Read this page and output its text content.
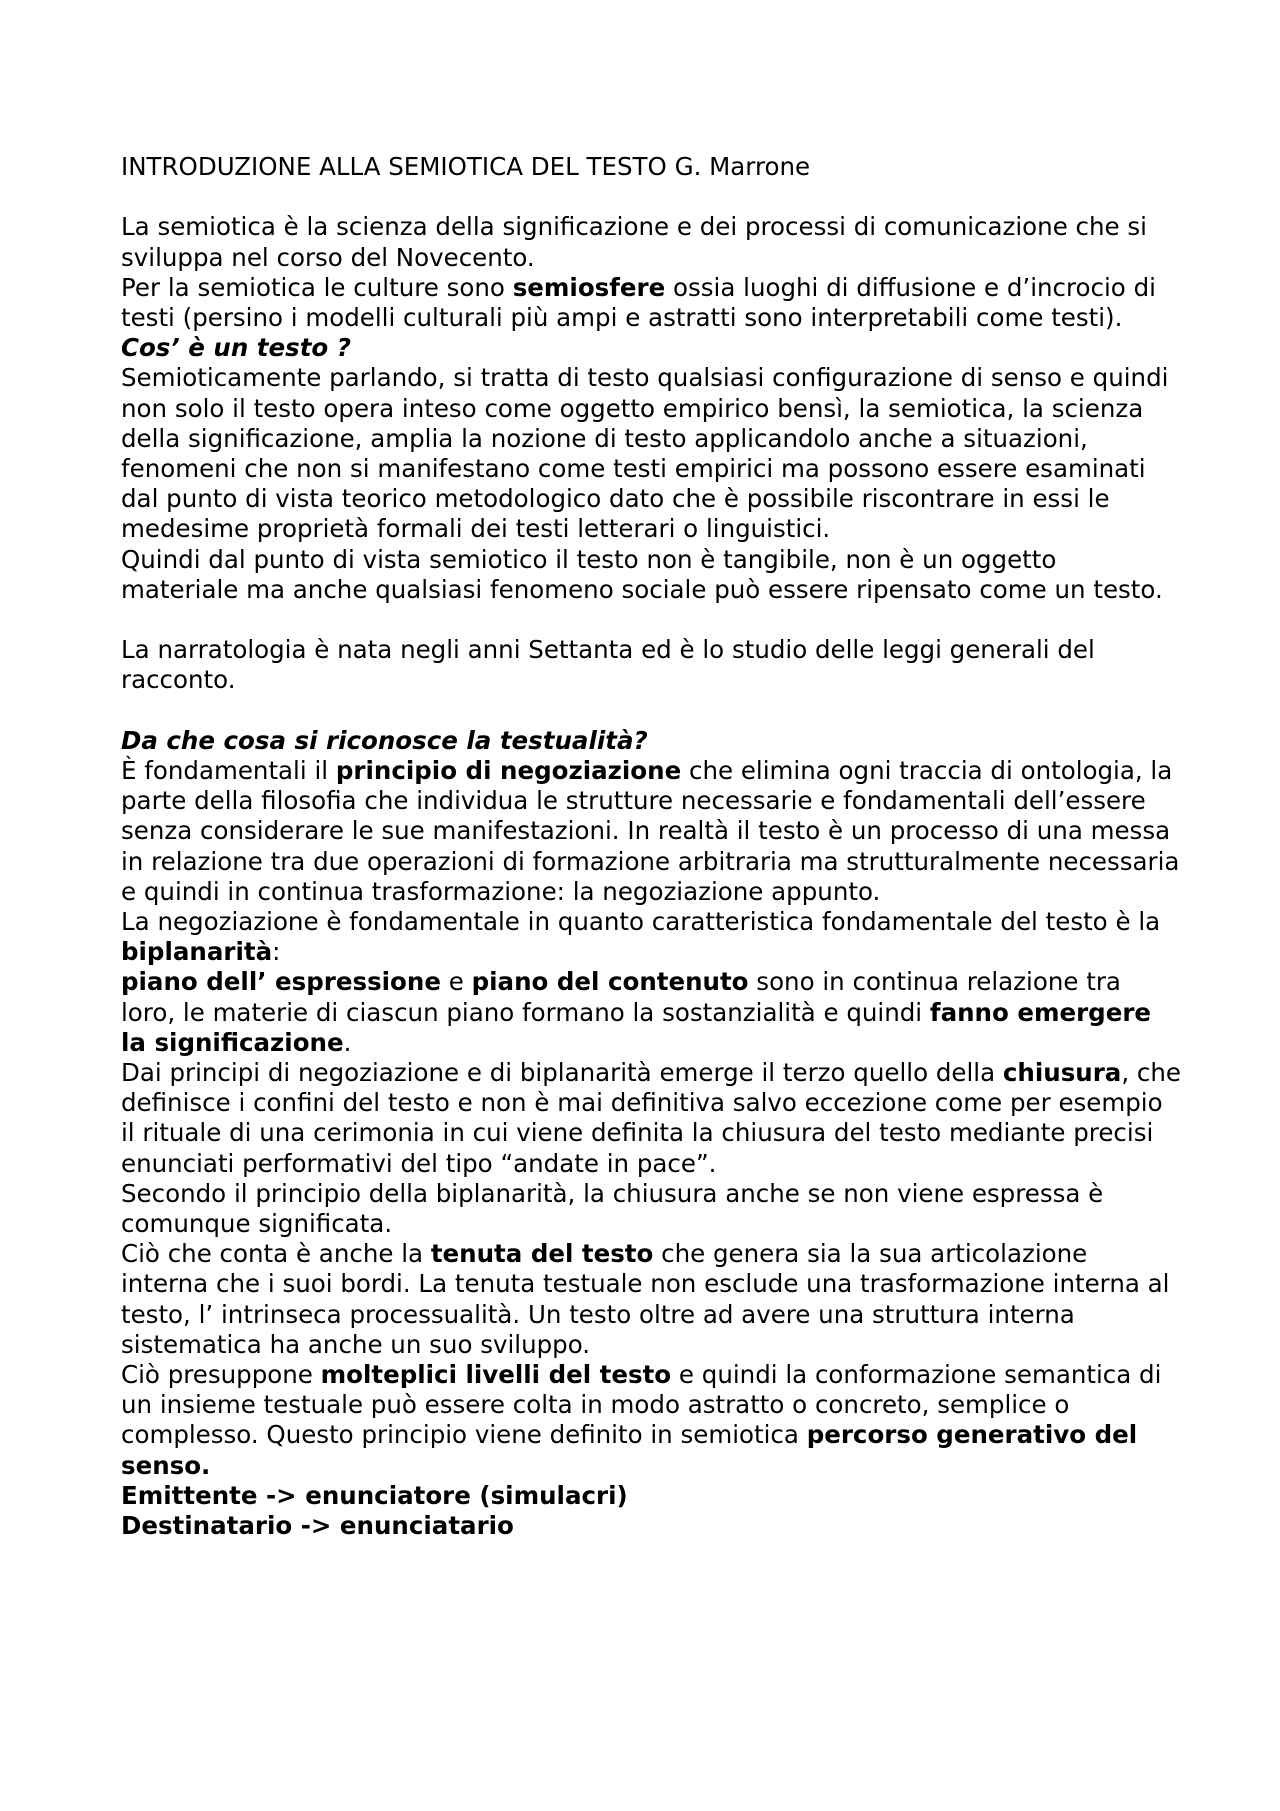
INTRODUZIONE ALLA SEMIOTICA DEL TESTO G. Marrone

La semiotica è la scienza della significazione e dei processi di comunicazione che si sviluppa nel corso del Novecento.

Per la semiotica le culture sono semiosfere ossia luoghi di diffusione e d’incrocio di testi (persino i modelli culturali più ampi e astratti sono interpretabili come testi).

Cos’ è un testo ?

Semioticamente parlando, si tratta di testo qualsiasi configurazione di senso e quindi non solo il testo opera inteso come oggetto empirico bensì, la semiotica, la scienza della significazione, amplia la nozione di testo applicandolo anche a situazioni, fenomeni che non si manifestano come testi empirici ma possono essere esaminati dal punto di vista teorico metodologico dato che è possibile riscontrare in essi le medesime proprietà formali dei testi letterari o linguistici.

Quindi dal punto di vista semiotico il testo non è tangibile, non è un oggetto materiale ma anche qualsiasi fenomeno sociale può essere ripensato come un testo.

La narratologia è nata negli anni Settanta ed è lo studio delle leggi generali del racconto.

Da che cosa si riconosce la testualità?

È fondamentali il principio di negoziazione che elimina ogni traccia di ontologia, la parte della filosofia che individua le strutture necessarie e fondamentali dell’essere senza considerare le sue manifestazioni. In realtà il testo è un processo di una messa in relazione tra due operazioni di formazione arbitraria ma strutturalmente necessaria e quindi in continua trasformazione: la negoziazione appunto.

La negoziazione è fondamentale in quanto caratteristica fondamentale del testo è la biplanarità:

piano dell’ espressione e piano del contenuto sono in continua relazione tra loro, le materie di ciascun piano formano la sostanzialità e quindi fanno emergere la significazione.

Dai principi di negoziazione e di biplanarità emerge il terzo quello della chiusura, che definisce i confini del testo e non è mai definitiva salvo eccezione come per esempio il rituale di una cerimonia in cui viene definita la chiusura del testo mediante precisi enunciati performativi del tipo “andate in pace”.

Secondo il principio della biplanarità, la chiusura anche se non viene espressa è comunque significata.

Ciò che conta è anche la tenuta del testo che genera sia la sua articolazione interna che i suoi bordi. La tenuta testuale non esclude una trasformazione interna al testo, l’ intrinseca processualità. Un testo oltre ad avere una struttura interna sistematica ha anche un suo sviluppo.

Ciò presuppone molteplici livelli del testo e quindi la conformazione semantica di un insieme testuale può essere colta in modo astratto o concreto, semplice o complesso. Questo principio viene definito in semiotica percorso generativo del senso.

Emittente -> enunciatore (simulacri)

Destinatario -> enunciatario
